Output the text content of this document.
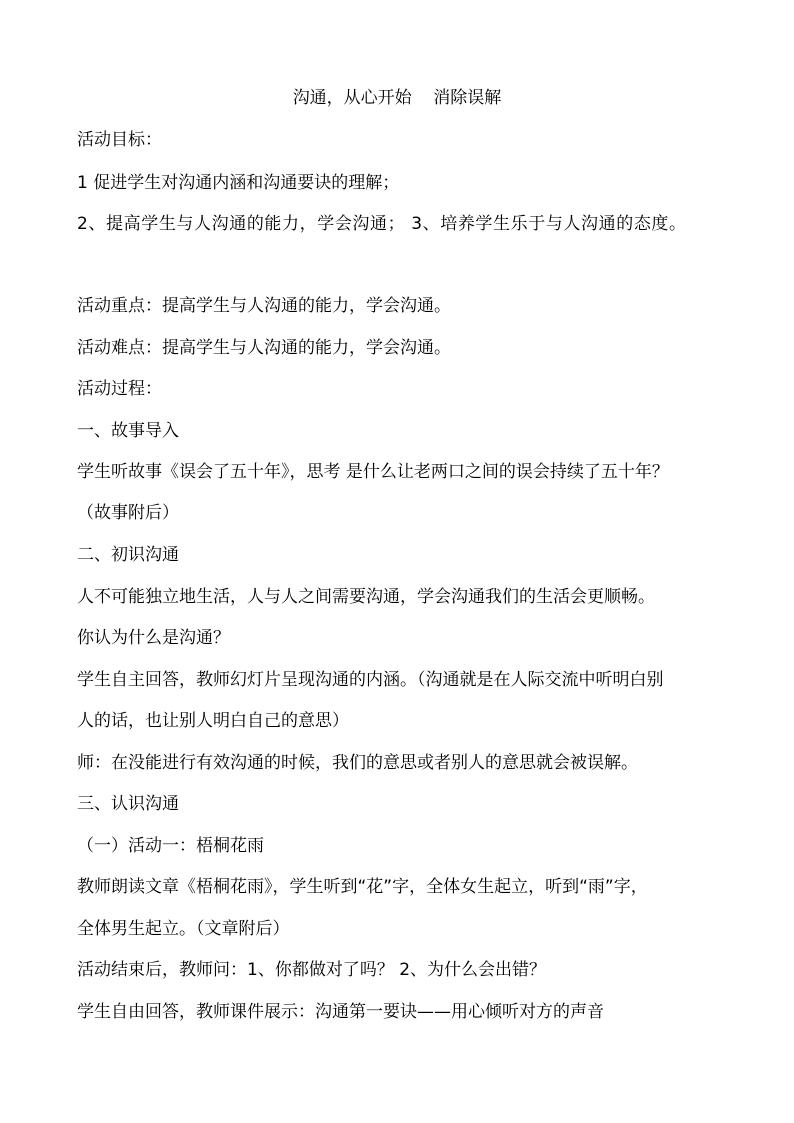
沟通，从心开始    消除误解
活动目标：
1 促进学生对沟通内涵和沟通要诀的理解；
2、提高学生与人沟通的能力，学会沟通； 3、培养学生乐于与人沟通的态度。
活动重点：提高学生与人沟通的能力，学会沟通。
活动难点：提高学生与人沟通的能力，学会沟通。
活动过程：
一、故事导入
学生听故事《误会了五十年》，思考 是什么让老两口之间的误会持续了五十年？
（故事附后）
二、初识沟通
人不可能独立地生活，人与人之间需要沟通，学会沟通我们的生活会更顺畅。
你认为什么是沟通？
学生自主回答，教师幻灯片呈现沟通的内涵。（沟通就是在人际交流中听明白别
人的话，也让别人明白自己的意思）
师：在没能进行有效沟通的时候，我们的意思或者别人的意思就会被误解。
三、认识沟通
（一）活动一：梧桐花雨
教师朗读文章《梧桐花雨》，学生听到“花”字，全体女生起立，听到“雨”字，
全体男生起立。（文章附后）
活动结束后，教师问：1、你都做对了吗？ 2、为什么会出错？
学生自由回答，教师课件展示：沟通第一要诀——用心倾听对方的声音
